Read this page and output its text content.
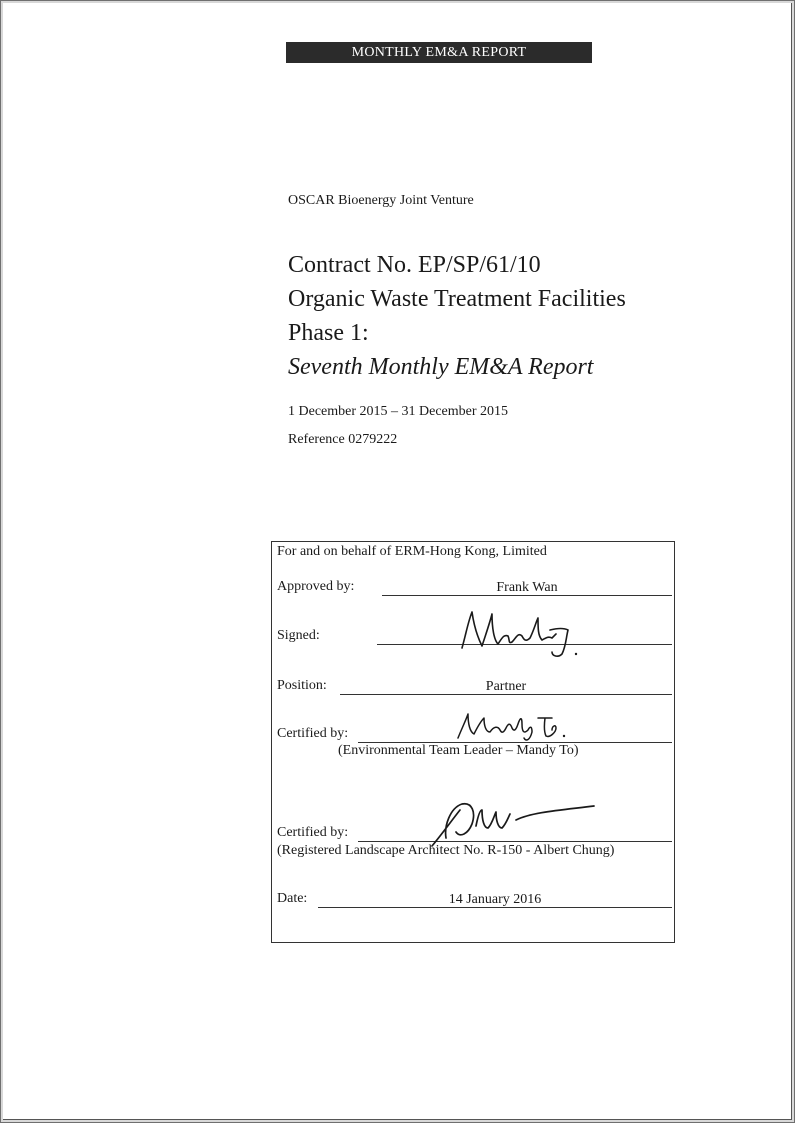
MONTHLY EM&A REPORT
OSCAR Bioenergy Joint Venture
Contract No. EP/SP/61/10
Organic Waste Treatment Facilities
Phase 1:
Seventh Monthly EM&A Report
1 December 2015 – 31 December 2015
Reference 0279222
For and on behalf of ERM-Hong Kong, Limited
Approved by:	Frank Wan
Signed:
Position:	Partner
Certified by:
(Environmental Team Leader – Mandy To)
Certified by:
(Registered Landscape Architect No. R-150 - Albert Chung)
Date:	14 January 2016
